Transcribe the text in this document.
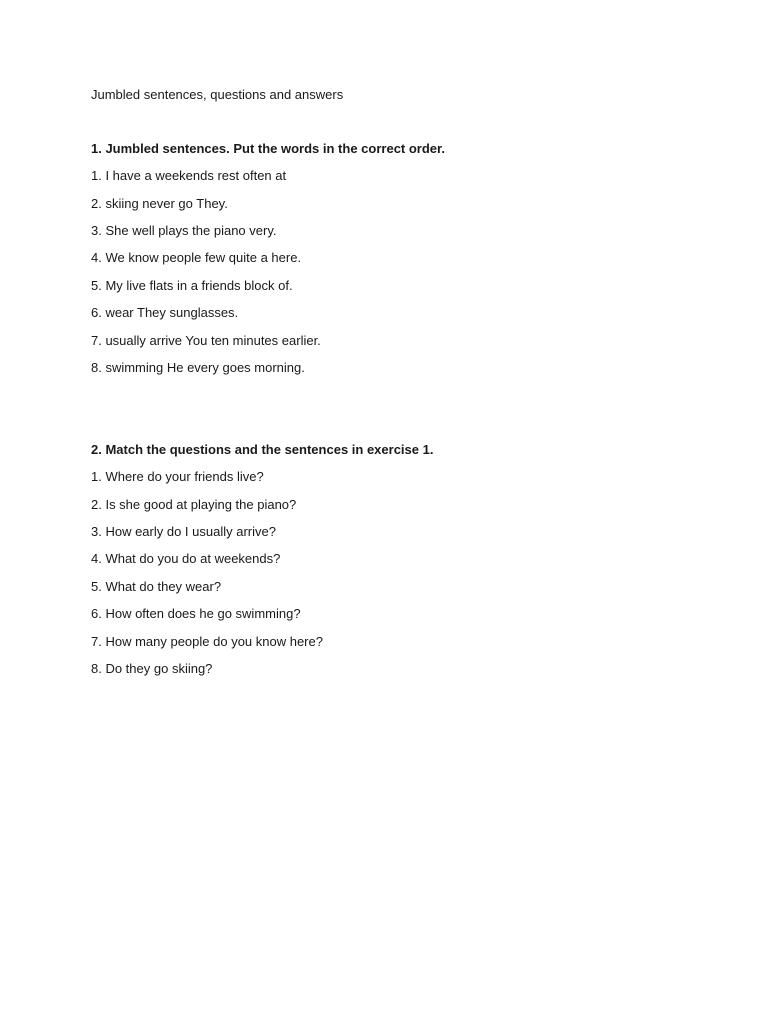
Jumbled sentences, questions and answers

1. Jumbled sentences. Put the words in the correct order.

1. I have a weekends rest often at
2. skiing never go They.
3. She well plays the piano very.
4. We know people few quite a here.
5. My live flats in a friends block of.
6. wear They sunglasses.
7. usually arrive You ten minutes earlier.
8. swimming He every goes morning.

2. Match the questions and the sentences in exercise 1.

1. Where do your friends live?
2. Is she good at playing the piano?
3. How early do I usually arrive?
4. What do you do at weekends?
5. What do they wear?
6. How often does he go swimming?
7. How many people do you know here?
8. Do they go skiing?
